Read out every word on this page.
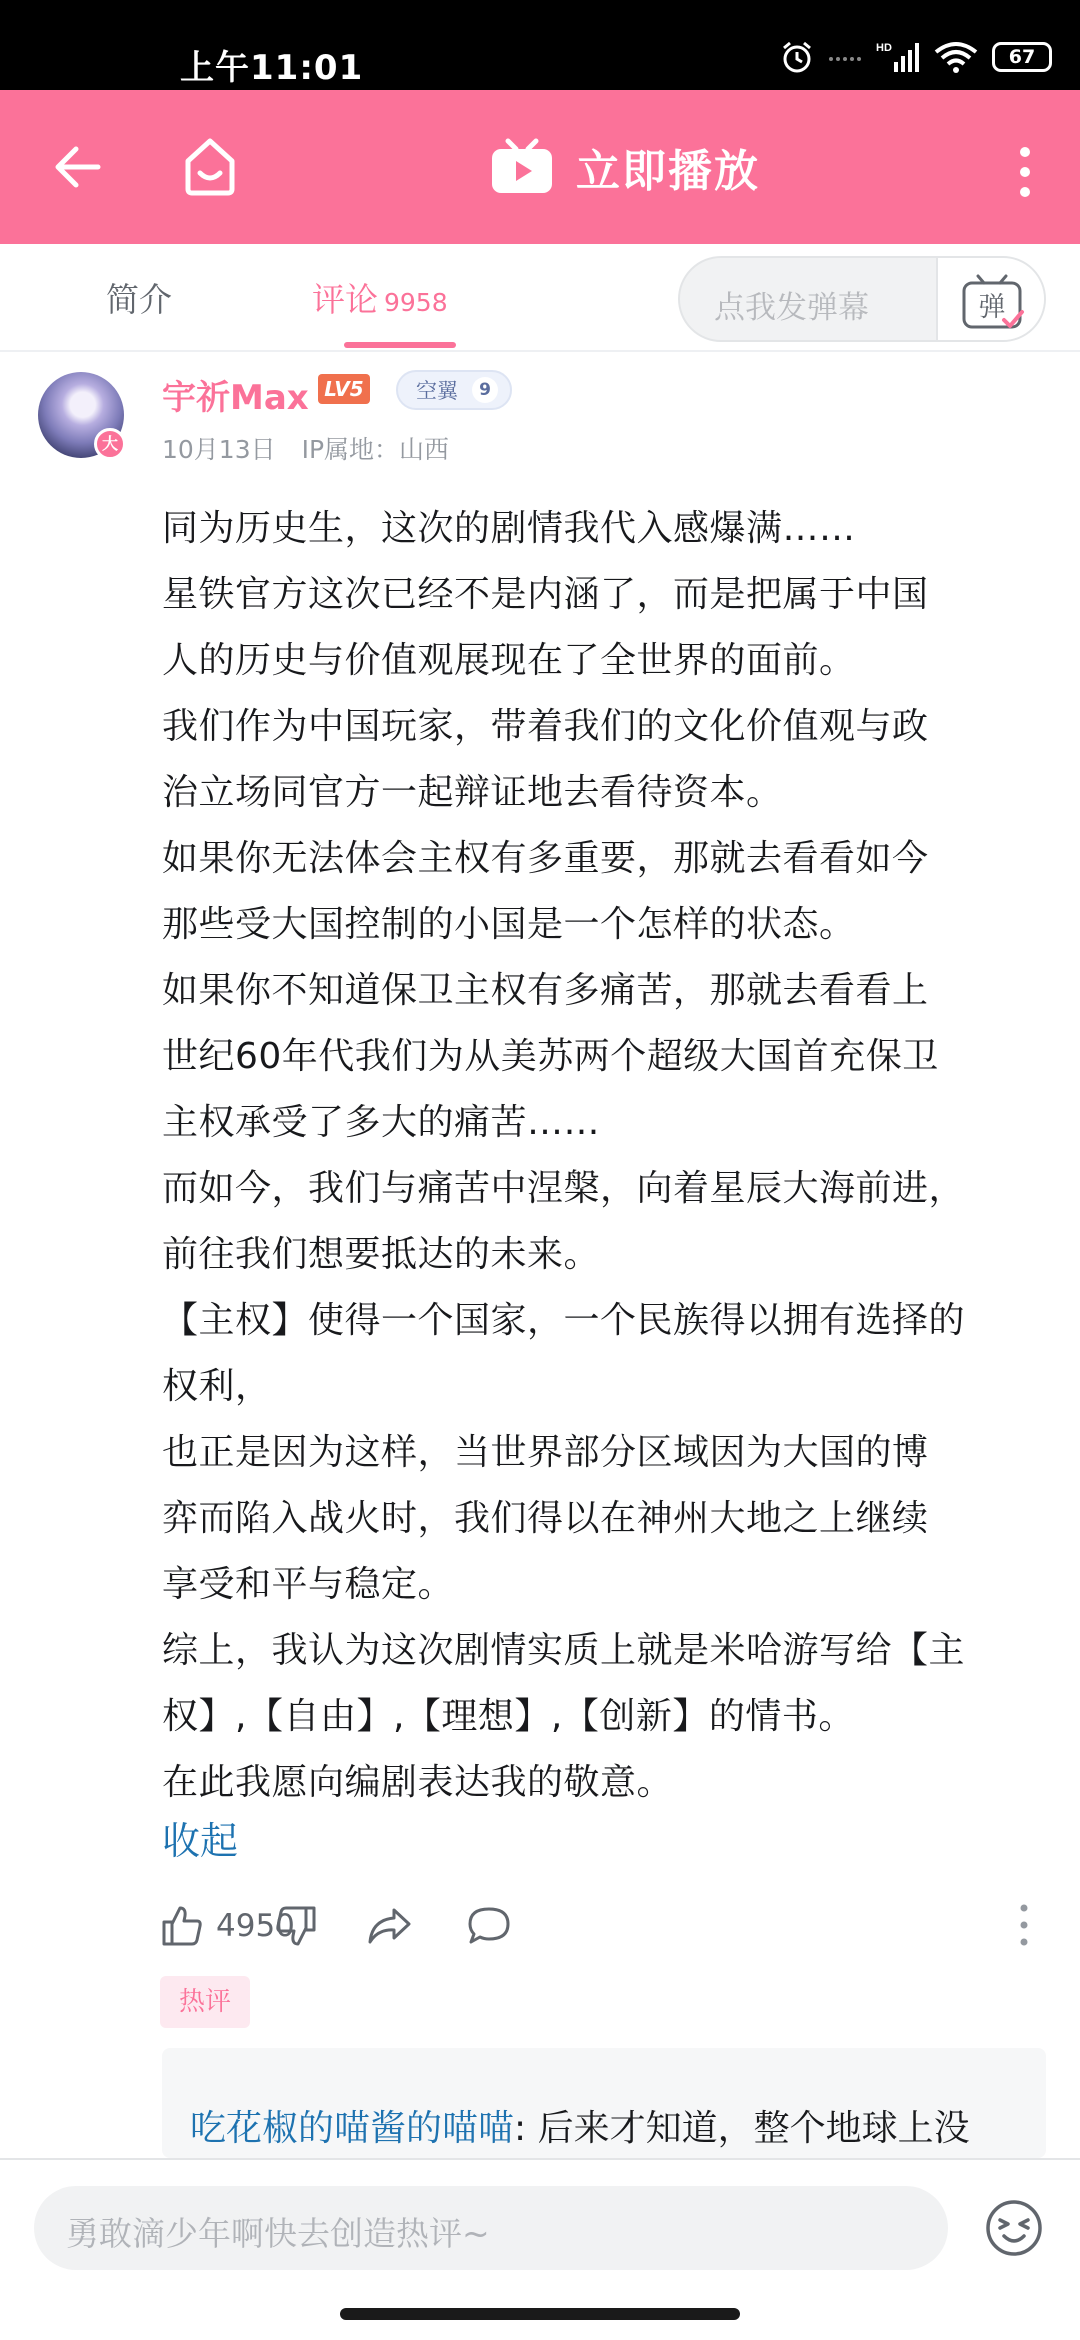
上午11:01	HD	67
立即播放
简介	评论 9958	点我发弹幕	弹
大
宇祈Max LV5	空翼	9
10月13日 IP属地：山西
同为历史生，这次的剧情我代入感爆满……
星铁官方这次已经不是内涵了，而是把属于中国
人的历史与价值观展现在了全世界的面前。
我们作为中国玩家，带着我们的文化价值观与政
治立场同官方一起辩证地去看待资本。
如果你无法体会主权有多重要，那就去看看如今
那些受大国控制的小国是一个怎样的状态。
如果你不知道保卫主权有多痛苦，那就去看看上
世纪60年代我们为从美苏两个超级大国首充保卫
主权承受了多大的痛苦……
而如今，我们与痛苦中涅槃，向着星辰大海前进，
前往我们想要抵达的未来。
【主权】使得一个国家，一个民族得以拥有选择的
权利，
也正是因为这样，当世界部分区域因为大国的博
弈而陷入战火时，我们得以在神州大地之上继续
享受和平与稳定。
综上，我认为这次剧情实质上就是米哈游写给【主
权】,【自由】,【理想】,【创新】的情书。
在此我愿向编剧表达我的敬意。
收起
4950
热评
吃花椒的喵酱的喵喵: 后来才知道，整个地球上没
勇敢滴少年啊快去创造热评~
